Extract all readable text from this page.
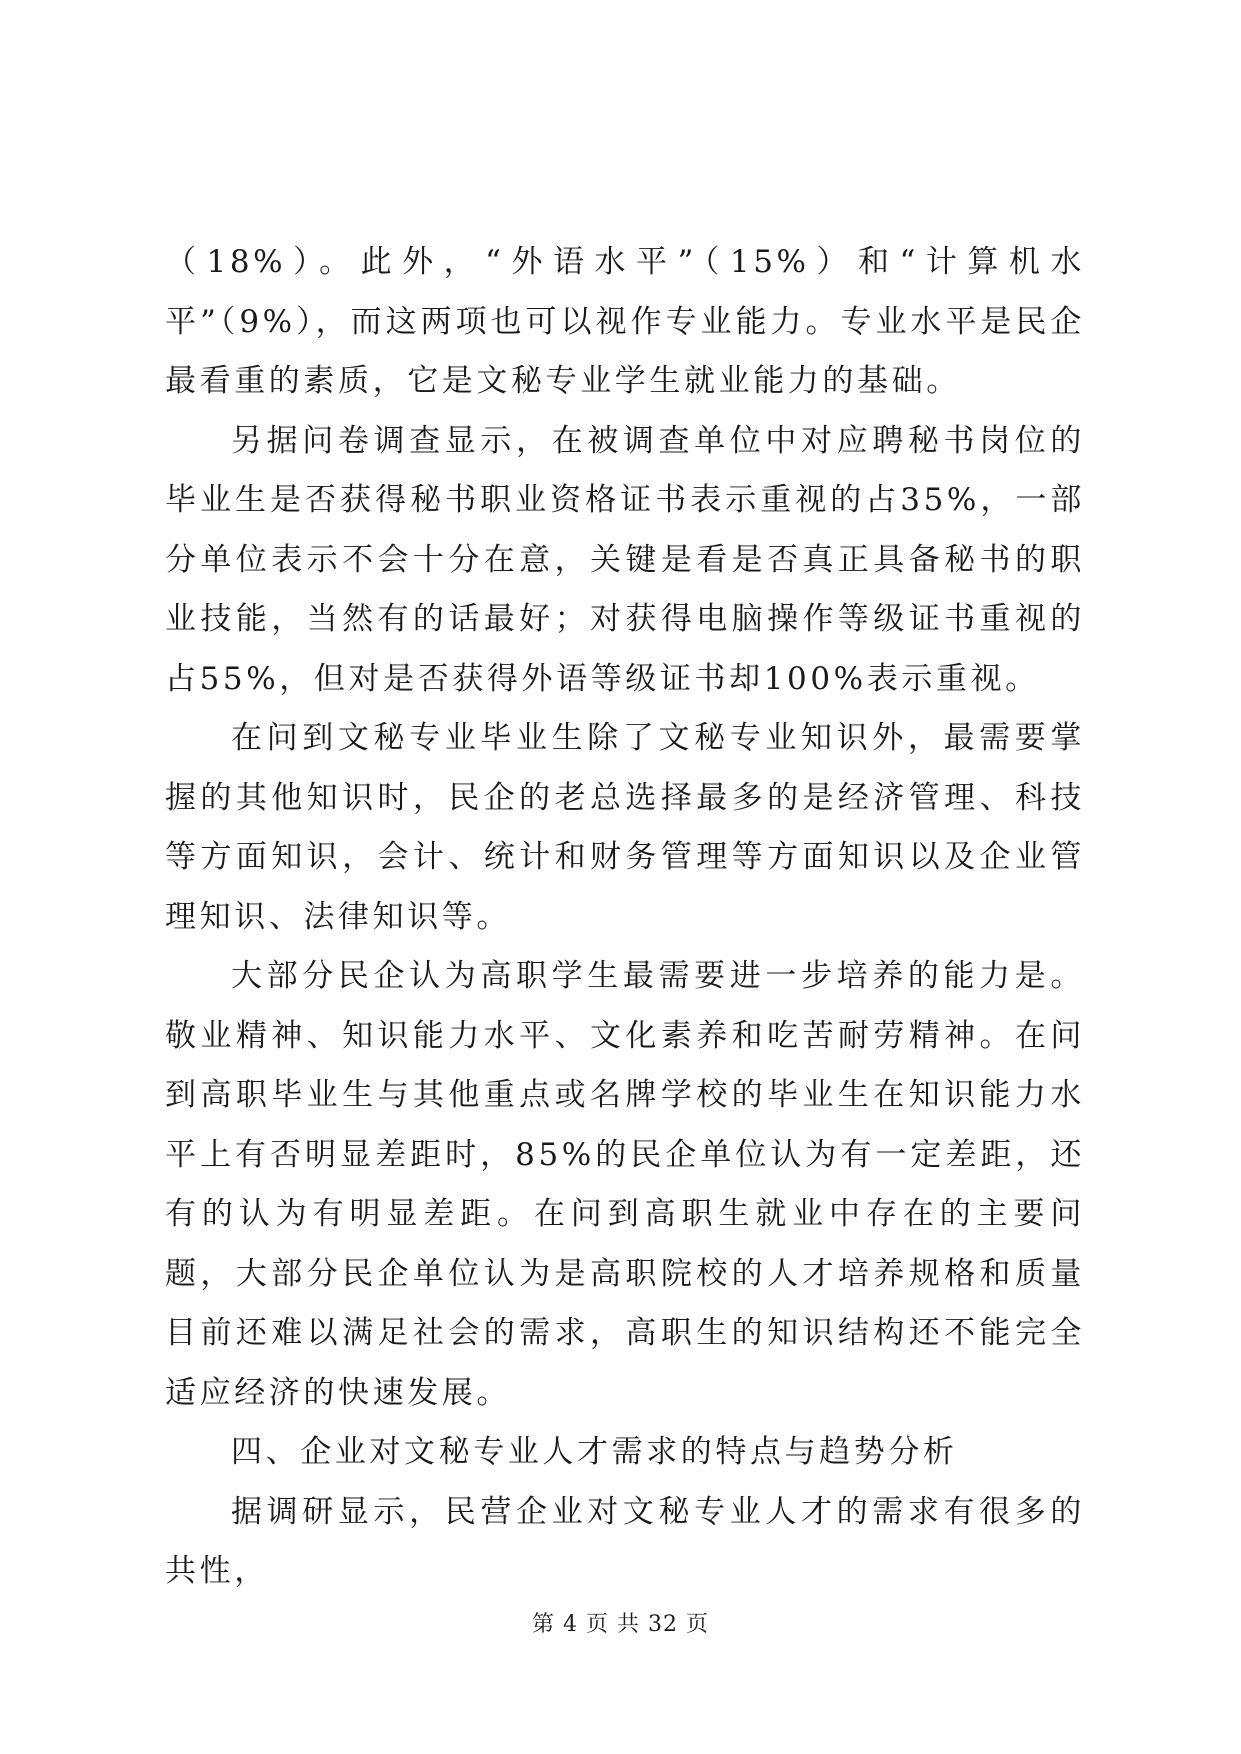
（18%）。此外，“外语水平”（15%）和“计算机水平”（9%），而这两项也可以视作专业能力。专业水平是民企最看重的素质，它是文秘专业学生就业能力的基础。

另据问卷调查显示，在被调查单位中对应聘秘书岗位的毕业生是否获得秘书职业资格证书表示重视的占35%，一部分单位表示不会十分在意，关键是看是否真正具备秘书的职业技能，当然有的话最好；对获得电脑操作等级证书重视的占55%，但对是否获得外语等级证书却100%表示重视。

在问到文秘专业毕业生除了文秘专业知识外，最需要掌握的其他知识时，民企的老总选择最多的是经济管理、科技等方面知识，会计、统计和财务管理等方面知识以及企业管理知识、法律知识等。

大部分民企认为高职学生最需要进一步培养的能力是。敬业精神、知识能力水平、文化素养和吃苦耐劳精神。在问到高职毕业生与其他重点或名牌学校的毕业生在知识能力水平上有否明显差距时，85%的民企单位认为有一定差距，还有的认为有明显差距。在问到高职生就业中存在的主要问题，大部分民企单位认为是高职院校的人才培养规格和质量目前还难以满足社会的需求，高职生的知识结构还不能完全适应经济的快速发展。

四、企业对文秘专业人才需求的特点与趋势分析

据调研显示，民营企业对文秘专业人才的需求有很多的共性，

第 4 页 共 32 页
